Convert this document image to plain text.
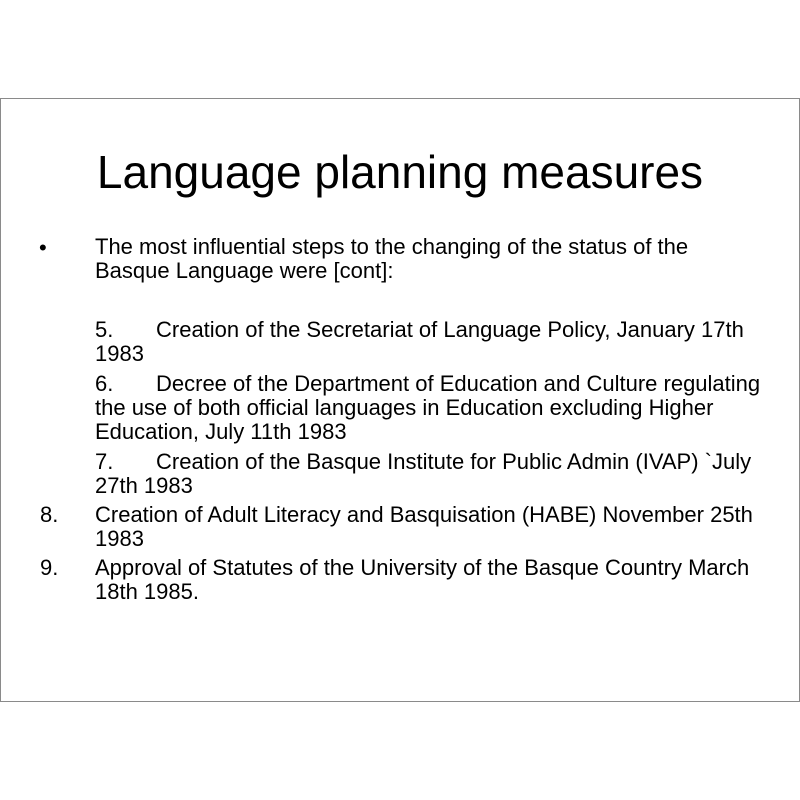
Language planning measures
• The most influential steps to the changing of the status of the Basque Language were [cont]:

5. Creation of the Secretariat of Language Policy, January 17th 1983

6. Decree of the Department of Education and Culture regulating the use of both official languages in Education excluding Higher Education, July 11th 1983

7. Creation of the Basque Institute for Public Admin (IVAP) `July 27th 1983

8. Creation of Adult Literacy and Basquisation (HABE) November 25th 1983

9. Approval of Statutes of the University of the Basque Country March 18th 1985.
